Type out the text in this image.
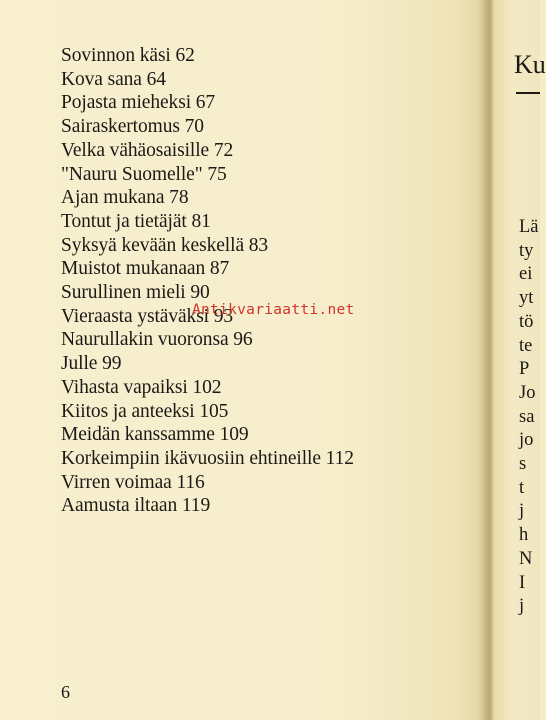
Sovinnon käsi 62
Kova sana 64
Pojasta mieheksi 67
Sairaskertomus 70
Velka vähäosaisille 72
"Nauru Suomelle" 75
Ajan mukana 78
Tontut ja tietäjät 81
Syksyä kevään keskellä 83
Muistot mukanaan 87
Surullinen mieli 90
Vieraasta ystäväksi 93
Naurullakin vuoronsa 96
Julle 99
Vihasta vapaiksi 102
Kiitos ja anteeksi 105
Meidän kanssamme 109
Korkeimpiin ikävuosiin ehtineille 112
Virren voimaa 116
Aamusta iltaan 119
Antikvariaatti.net
6
Ku
Lä
ty
ei
yt
tö
te
P
Jo
sa
jo
s
t
j
h
N
I
j
